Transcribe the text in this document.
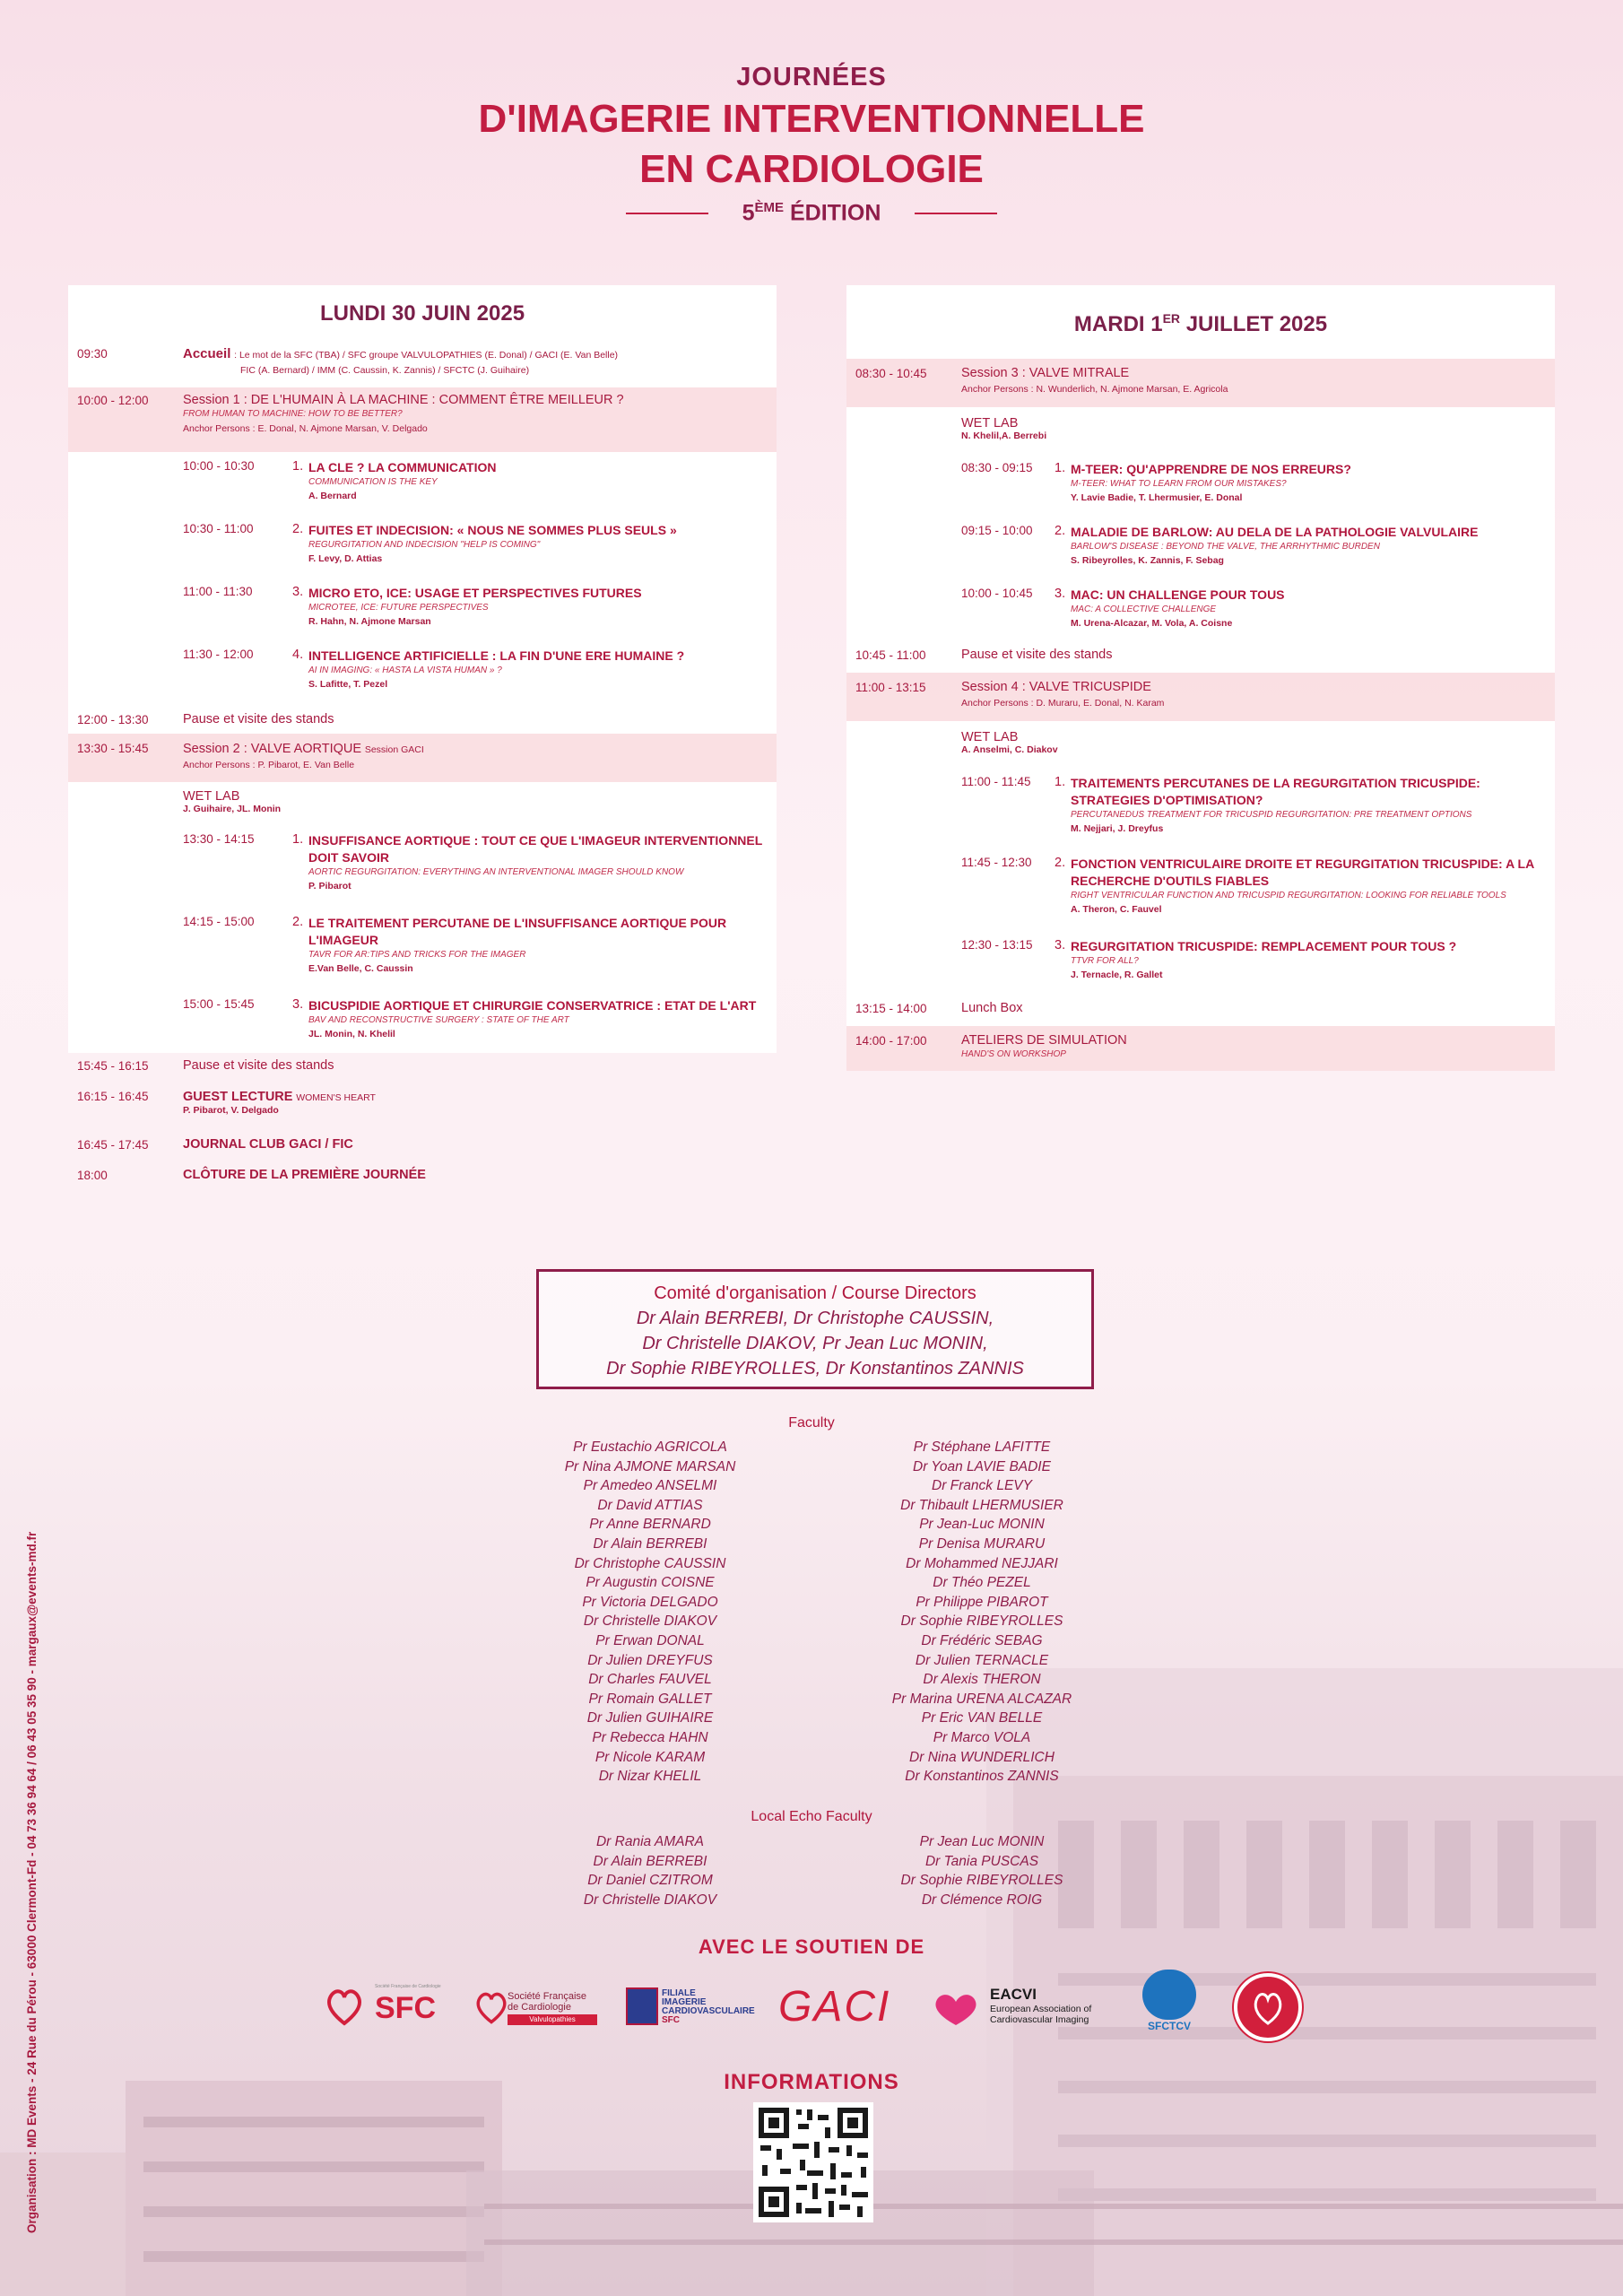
JOURNÉES
D'IMAGERIE INTERVENTIONNELLE
EN CARDIOLOGIE
5ÈME ÉDITION
LUNDI 30 JUIN 2025
09:30	Accueil : Le mot de la SFC (TBA) / SFC groupe VALVULOPATHIES (E. Donal) / GACI (E. Van Belle)
FIC (A. Bernard) / IMM (C. Caussin, K. Zannis) / SFCTC (J. Guihaire)
10:00 - 12:00	Session 1 : DE L'HUMAIN À LA MACHINE : COMMENT ÊTRE MEILLEUR ?
FROM HUMAN TO MACHINE: HOW TO BE BETTER?
Anchor Persons : E. Donal, N. Ajmone Marsan, V. Delgado
10:00 - 10:30	1. LA CLE ? LA COMMUNICATION
COMMUNICATION IS THE KEY
A. Bernard
10:30 - 11:00	2. FUITES ET INDECISION: « NOUS NE SOMMES PLUS SEULS »
REGURGITATION AND INDECISION "HELP IS COMING"
F. Levy, D. Attias
11:00 - 11:30	3. MICRO ETO, ICE: USAGE ET PERSPECTIVES FUTURES
MICROTEE, ICE: FUTURE PERSPECTIVES
R. Hahn, N. Ajmone Marsan
11:30 - 12:00	4. INTELLIGENCE ARTIFICIELLE : LA FIN D'UNE ERE HUMAINE ?
AI IN IMAGING: « HASTA LA VISTA HUMAN » ?
S. Lafitte, T. Pezel
12:00 - 13:30	Pause et visite des stands
13:30 - 15:45	Session 2 : VALVE AORTIQUE Session GACI
Anchor Persons : P. Pibarot, E. Van Belle
WET LAB
J. Guihaire, JL. Monin
13:30 - 14:15	1. INSUFFISANCE AORTIQUE : TOUT CE QUE L'IMAGEUR INTERVENTIONNEL DOIT SAVOIR
AORTIC REGURGITATION: EVERYTHING AN INTERVENTIONAL IMAGER SHOULD KNOW
P. Pibarot
14:15 - 15:00	2. LE TRAITEMENT PERCUTANE DE L'INSUFFISANCE AORTIQUE POUR L'IMAGEUR
TAVR FOR AR:TIPS AND TRICKS FOR THE IMAGER
E.Van Belle, C. Caussin
15:00 - 15:45	3. BICUSPIDIE AORTIQUE ET CHIRURGIE CONSERVATRICE : ETAT DE L'ART
BAV AND RECONSTRUCTIVE SURGERY : STATE OF THE ART
JL. Monin, N. Khelil
15:45 - 16:15	Pause et visite des stands
16:15 - 16:45	GUEST LECTURE WOMEN'S HEART
P. Pibarot, V. Delgado
16:45 - 17:45	JOURNAL CLUB GACI / FIC
18:00	CLÔTURE DE LA PREMIÈRE JOURNÉE
MARDI 1ER JUILLET 2025
08:30 - 10:45	Session 3 : VALVE MITRALE
Anchor Persons : N. Wunderlich, N. Ajmone Marsan, E. Agricola
WET LAB
N. Khelil,A. Berrebi
08:30 - 09:15	1. M-TEER: QU'APPRENDRE DE NOS ERREURS?
M-TEER: WHAT TO LEARN FROM OUR MISTAKES?
Y. Lavie Badie, T. Lhermusier, E. Donal
09:15 - 10:00	2. MALADIE DE BARLOW: AU DELA DE LA PATHOLOGIE VALVULAIRE
BARLOW'S DISEASE : BEYOND THE VALVE, THE ARRHYTHMIC BURDEN
S. Ribeyrolles, K. Zannis, F. Sebag
10:00 - 10:45	3. MAC: UN CHALLENGE POUR TOUS
MAC: A COLLECTIVE CHALLENGE
M. Urena-Alcazar, M. Vola, A. Coisne
10:45 - 11:00	Pause et visite des stands
11:00 - 13:15	Session 4 : VALVE TRICUSPIDE
Anchor Persons : D. Muraru, E. Donal, N. Karam
WET LAB
A. Anselmi, C. Diakov
11:00 - 11:45	1. TRAITEMENTS PERCUTANES DE LA REGURGITATION TRICUSPIDE: STRATEGIES D'OPTIMISATION?
PERCUTANEDUS TREATMENT FOR TRICUSPID REGURGITATION: PRE TREATMENT OPTIONS
M. Nejjari, J. Dreyfus
11:45 - 12:30	2. FONCTION VENTRICULAIRE DROITE ET REGURGITATION TRICUSPIDE: A LA RECHERCHE D'OUTILS FIABLES
RIGHT VENTRICULAR FUNCTION AND TRICUSPID REGURGITATION: LOOKING FOR RELIABLE TOOLS
A. Theron, C. Fauvel
12:30 - 13:15	3. REGURGITATION TRICUSPIDE: REMPLACEMENT POUR TOUS ?
TTVR FOR ALL?
J. Ternacle, R. Gallet
13:15 - 14:00	Lunch Box
14:00 - 17:00	ATELIERS DE SIMULATION
HAND'S ON WORKSHOP
Comité d'organisation / Course Directors
Dr Alain BERREBI, Dr Christophe CAUSSIN,
Dr Christelle DIAKOV, Pr Jean Luc MONIN,
Dr Sophie RIBEYROLLES, Dr Konstantinos ZANNIS
Faculty
Pr Eustachio AGRICOLA
Pr Nina AJMONE MARSAN
Pr Amedeo ANSELMI
Dr David ATTIAS
Pr Anne BERNARD
Dr Alain BERREBI
Dr Christophe CAUSSIN
Pr Augustin COISNE
Pr Victoria DELGADO
Dr Christelle DIAKOV
Pr Erwan DONAL
Dr Julien DREYFUS
Dr Charles FAUVEL
Pr Romain GALLET
Dr Julien GUIHAIRE
Pr Rebecca HAHN
Pr Nicole KARAM
Dr Nizar KHELIL
Pr Stéphane LAFITTE
Dr Yoan LAVIE BADIE
Dr Franck LEVY
Dr Thibault LHERMUSIER
Pr Jean-Luc MONIN
Pr Denisa MURARU
Dr Mohammed NEJJARI
Dr Théo PEZEL
Pr Philippe PIBAROT
Dr Sophie RIBEYROLLES
Dr Frédéric SEBAG
Dr Julien TERNACLE
Dr Alexis THERON
Pr Marina URENA ALCAZAR
Pr Eric VAN BELLE
Pr Marco VOLA
Dr Nina WUNDERLICH
Dr Konstantinos ZANNIS
Local Echo Faculty
Dr Rania AMARA
Dr Alain BERREBI
Dr Daniel CZITROM
Dr Christelle DIAKOV
Pr Jean Luc MONIN
Dr Tania PUSCAS
Dr Sophie RIBEYROLLES
Dr Clémence ROIG
AVEC LE SOUTIEN DE
SFC
Société Française de Cardiologie
Société Française de Cardiologie
Valvulopathies
FILIALE
IMAGERIE
CARDIOVASCULAIRE
SFC	GACI	EACVI
European Association of
Cardiovascular Imaging	SFCTCV
INFORMATIONS
Organisation : MD Events - 24 Rue du Pérou - 63000 Clermont-Fd - 04 73 36 94 64 / 06 43 05 35 90 - margaux@events-md.fr
